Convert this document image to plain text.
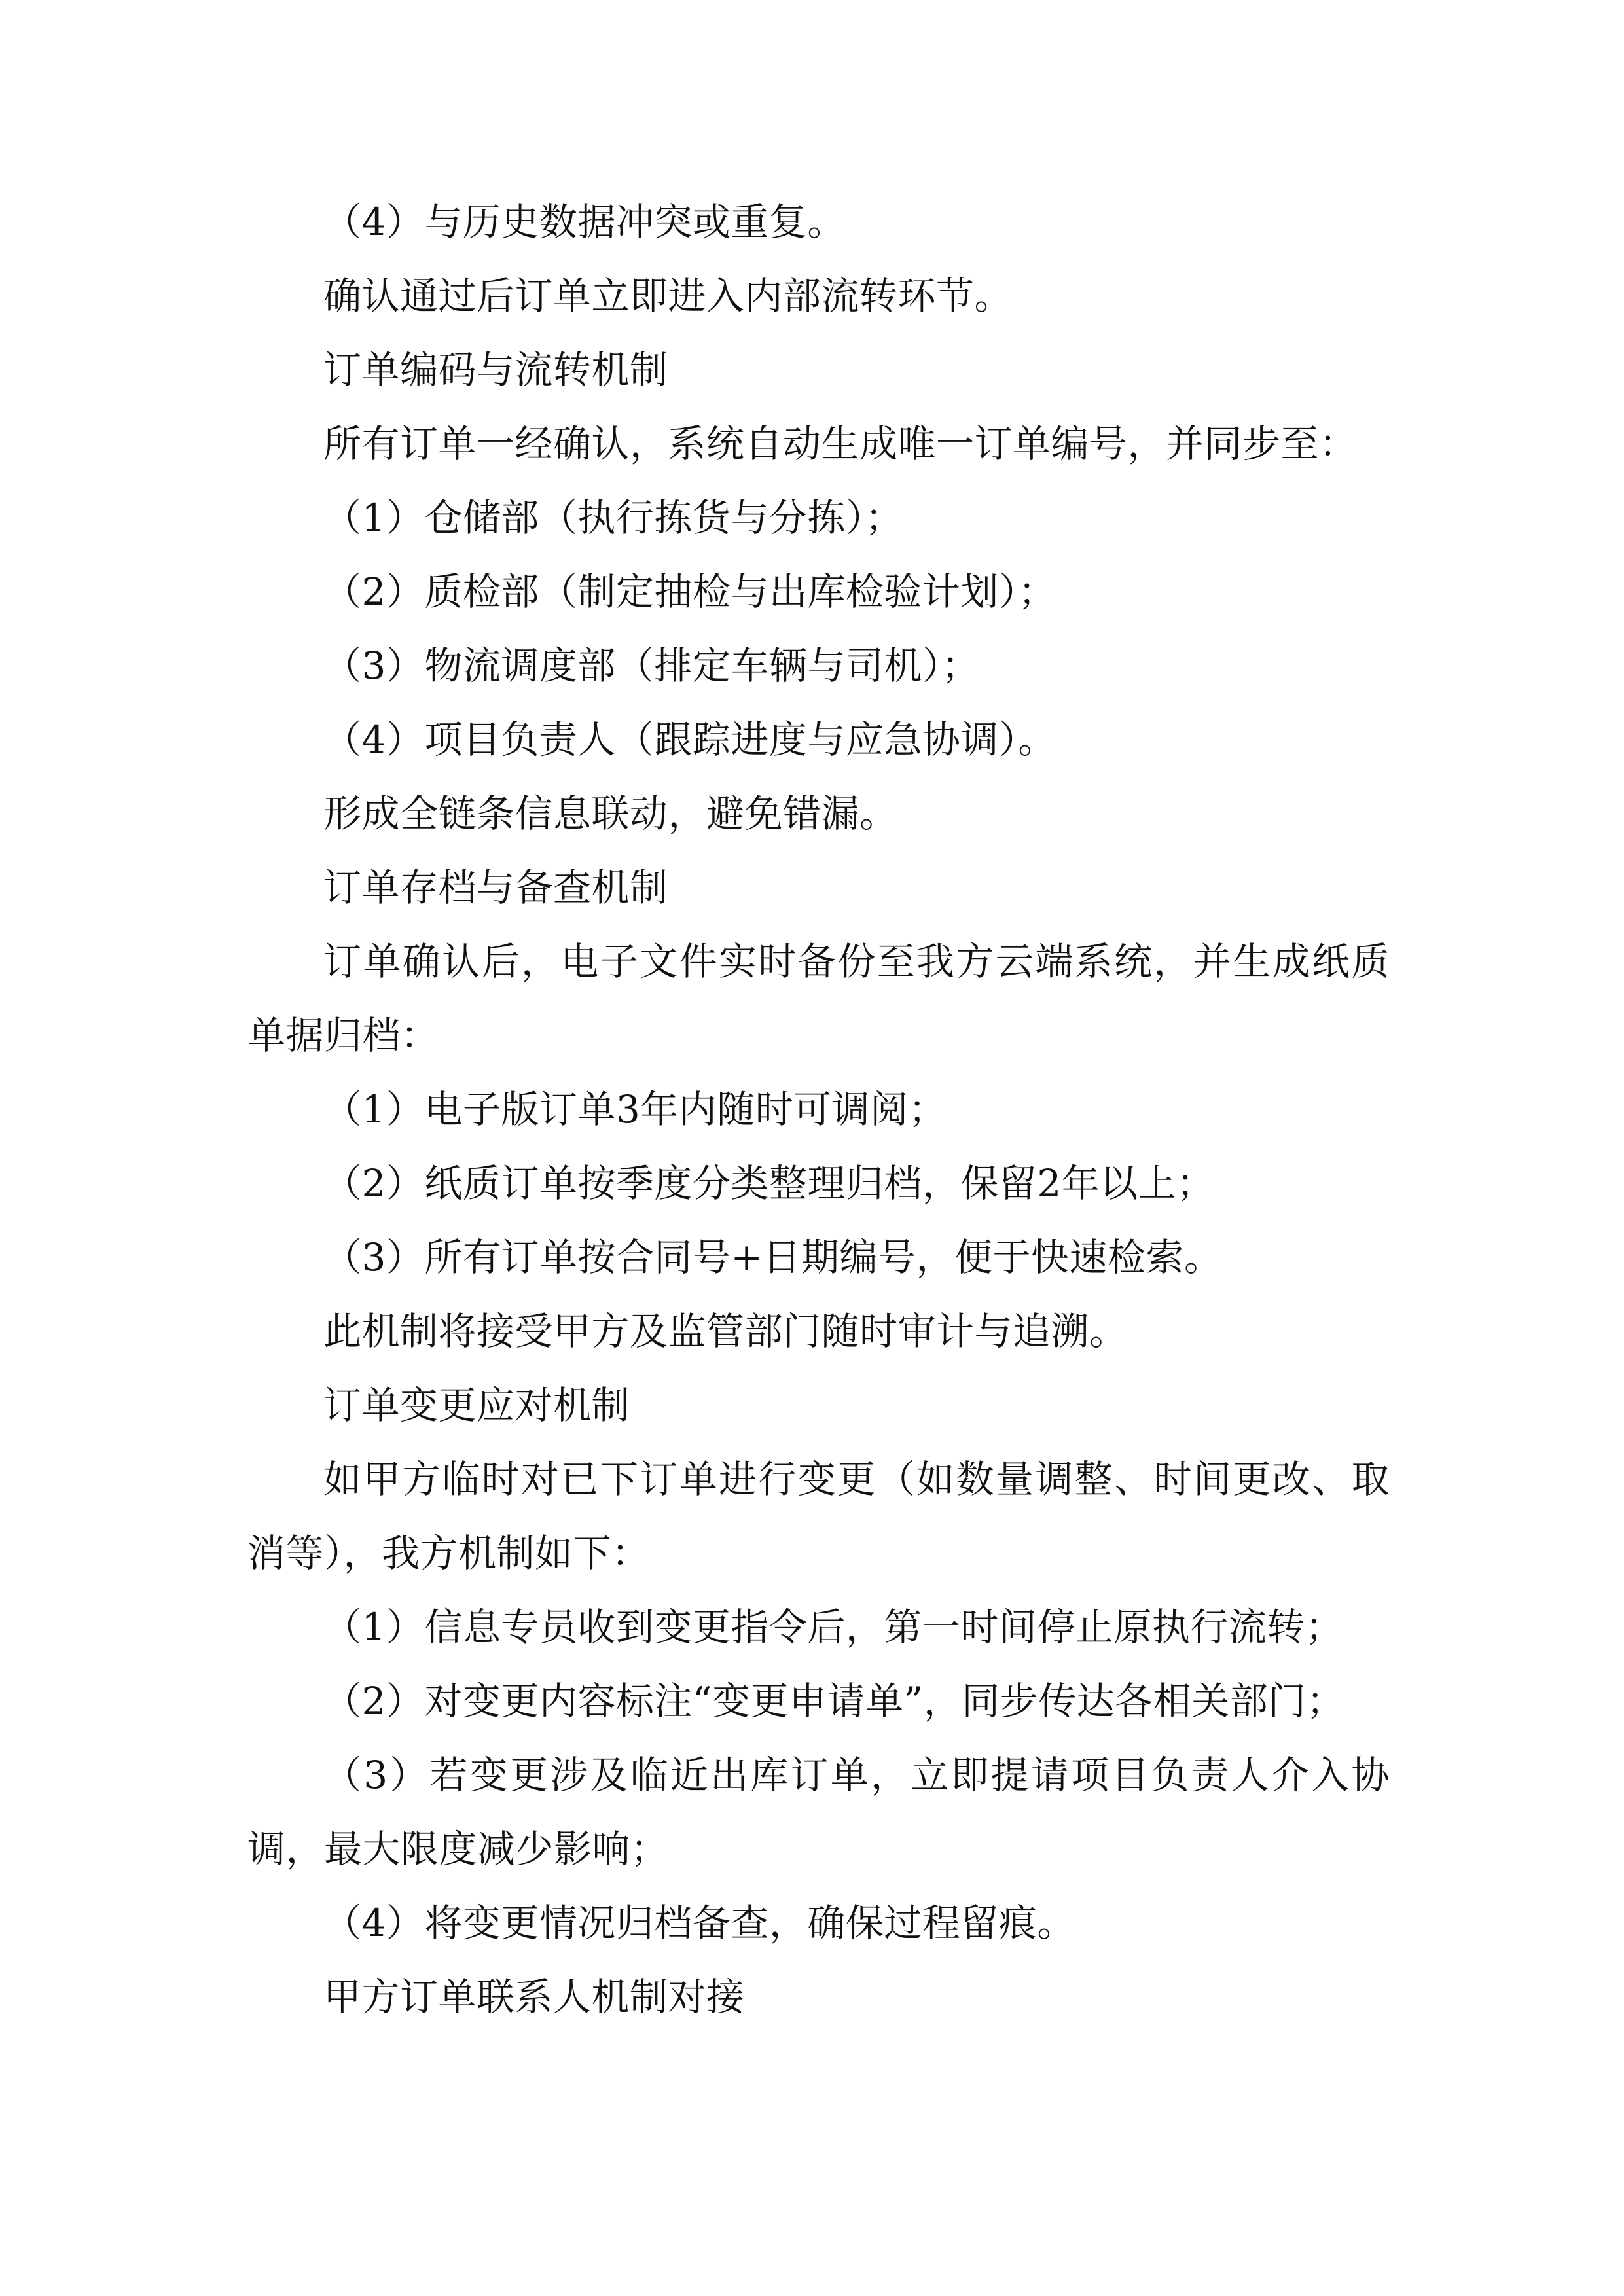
（4）与历史数据冲突或重复。

确认通过后订单立即进入内部流转环节。

订单编码与流转机制

所有订单一经确认，系统自动生成唯一订单编号，并同步至：

（1）仓储部（执行拣货与分拣）；

（2）质检部（制定抽检与出库检验计划）；

（3）物流调度部（排定车辆与司机）；

（4）项目负责人（跟踪进度与应急协调）。

形成全链条信息联动，避免错漏。

订单存档与备查机制

订单确认后，电子文件实时备份至我方云端系统，并生成纸质单据归档：

（1）电子版订单3年内随时可调阅；

（2）纸质订单按季度分类整理归档，保留2年以上；

（3）所有订单按合同号+日期编号，便于快速检索。

此机制将接受甲方及监管部门随时审计与追溯。

订单变更应对机制

如甲方临时对已下订单进行变更（如数量调整、时间更改、取消等），我方机制如下：

（1）信息专员收到变更指令后，第一时间停止原执行流转；

（2）对变更内容标注“变更申请单”，同步传达各相关部门；

（3）若变更涉及临近出库订单，立即提请项目负责人介入协调，最大限度减少影响；

（4）将变更情况归档备查，确保过程留痕。

甲方订单联系人机制对接
